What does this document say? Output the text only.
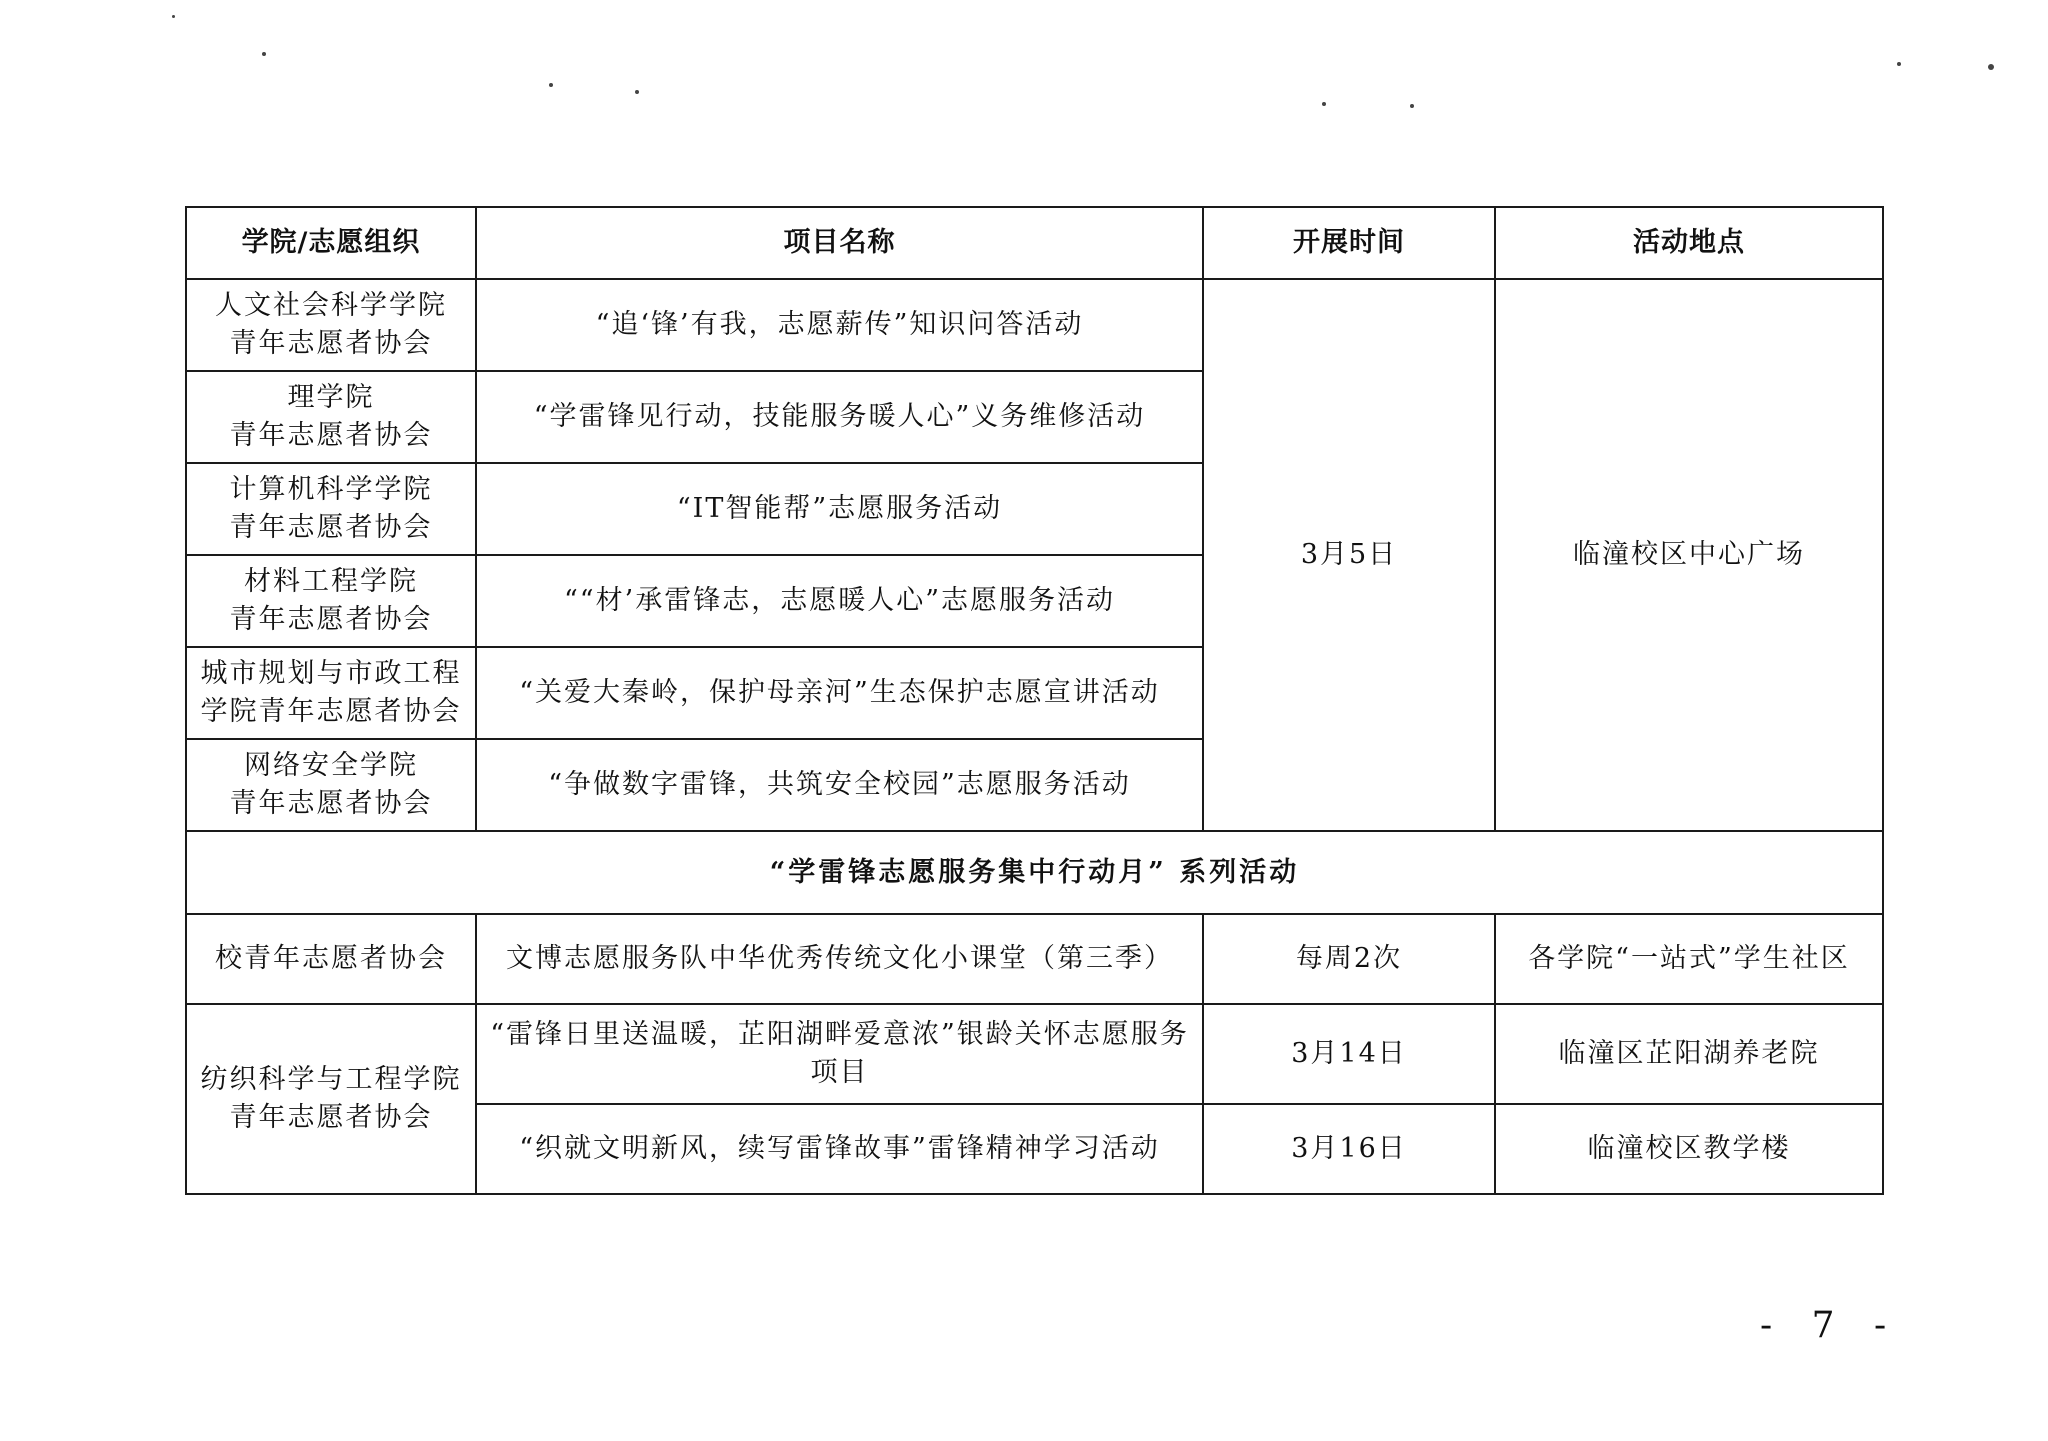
学院/志愿组织	项目名称	开展时间	活动地点

人文社会科学学院
青年志愿者协会	“追‘锋’有我，志愿薪传”知识问答活动	3月5日	临潼校区中心广场

理学院
青年志愿者协会	“学雷锋见行动，技能服务暖人心”义务维修活动		

计算机科学学院
青年志愿者协会	“IT智能帮”志愿服务活动		

材料工程学院
青年志愿者协会	““材’承雷锋志，志愿暖人心”志愿服务活动		

城市规划与市政工程
学院青年志愿者协会	“关爱大秦岭，保护母亲河”生态保护志愿宣讲活动		

网络安全学院
青年志愿者协会	“争做数字雷锋，共筑安全校园”志愿服务活动		
“学雷锋志愿服务集中行动月” 系列活动			
校青年志愿者协会	文博志愿服务队中华优秀传统文化小课堂（第三季）	每周2次	各学院“一站式”学生社区

纺织科学与工程学院
青年志愿者协会	“雷锋日里送温暖，芷阳湖畔爱意浓”银龄关怀志愿服务
项目	3月14日	临潼区芷阳湖养老院
	“织就文明新风，续写雷锋故事”雷锋精神学习活动	3月16日	临潼校区教学楼
- 7 -
